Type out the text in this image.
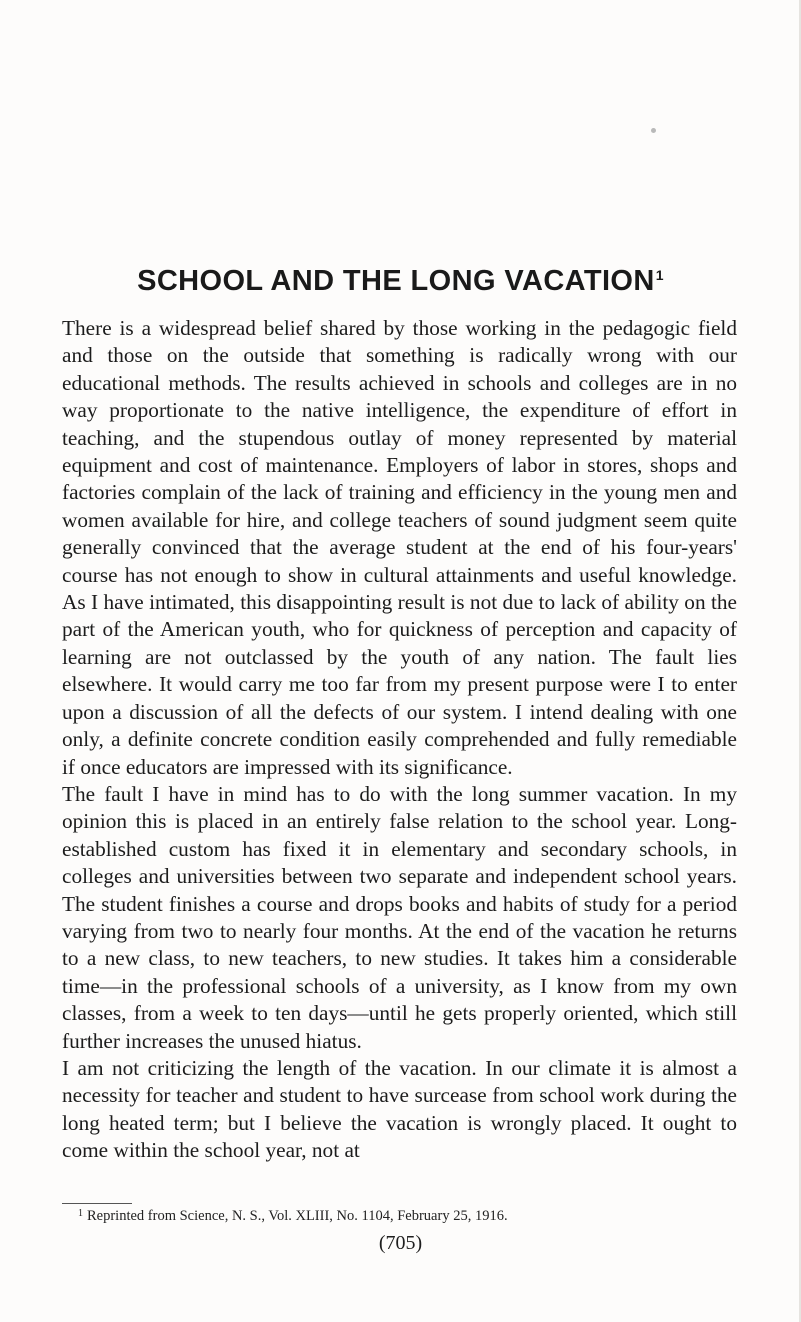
SCHOOL AND THE LONG VACATION$^1$

There is a widespread belief shared by those working in the pedagogic field and those on the outside that something is radically wrong with our educational methods. The results achieved in schools and colleges are in no way proportionate to the native intelligence, the expenditure of effort in teaching, and the stupendous outlay of money represented by material equipment and cost of maintenance. Employers of labor in stores, shops and factories complain of the lack of training and efficiency in the young men and women available for hire, and college teachers of sound judgment seem quite generally convinced that the average student at the end of his four-years' course has not enough to show in cultural attainments and useful knowledge. As I have intimated, this disappointing result is not due to lack of ability on the part of the American youth, who for quickness of perception and capacity of learning are not outclassed by the youth of any nation. The fault lies elsewhere. It would carry me too far from my present purpose were I to enter upon a discussion of all the defects of our system. I intend dealing with one only, a definite concrete condition easily comprehended and fully remediable if once educators are impressed with its significance.

The fault I have in mind has to do with the long summer vacation. In my opinion this is placed in an entirely false relation to the school year. Long-established custom has fixed it in elementary and secondary schools, in colleges and universities between two separate and independent school years. The student finishes a course and drops books and habits of study for a period varying from two to nearly four months. At the end of the vacation he returns to a new class, to new teachers, to new studies. It takes him a considerable time—in the professional schools of a university, as I know from my own classes, from a week to ten days—until he gets properly oriented, which still further increases the unused hiatus.

I am not criticizing the length of the vacation. In our climate it is almost a necessity for teacher and student to have surcease from school work during the long heated term; but I believe the vacation is wrongly placed. It ought to come within the school year, not at

$^1$ Reprinted from Science, N. S., Vol. XLIII, No. 1104, February 25, 1916.
(705)
